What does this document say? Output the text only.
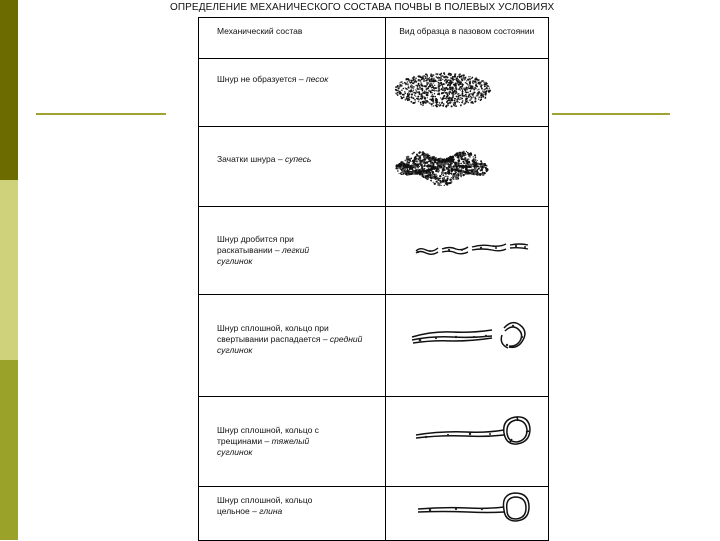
ОПРЕДЕЛЕНИЕ МЕХАНИЧЕСКОГО СОСТАВА ПОЧВЫ В ПОЛЕВЫХ УСЛОВИЯХ
Механический состав	Вид образца в пазовом состоянии

Шнур не образуется – песок

Зачатки шнура – супесь

Шнур дробится при раскатывании – легкий суглинок

Шнур сплошной, кольцо при свертывании распадается – средний суглинок

Шнур сплошной, кольцо с трещинами – тяжелый суглинок

Шнур сплошной, кольцо цельное – глина
